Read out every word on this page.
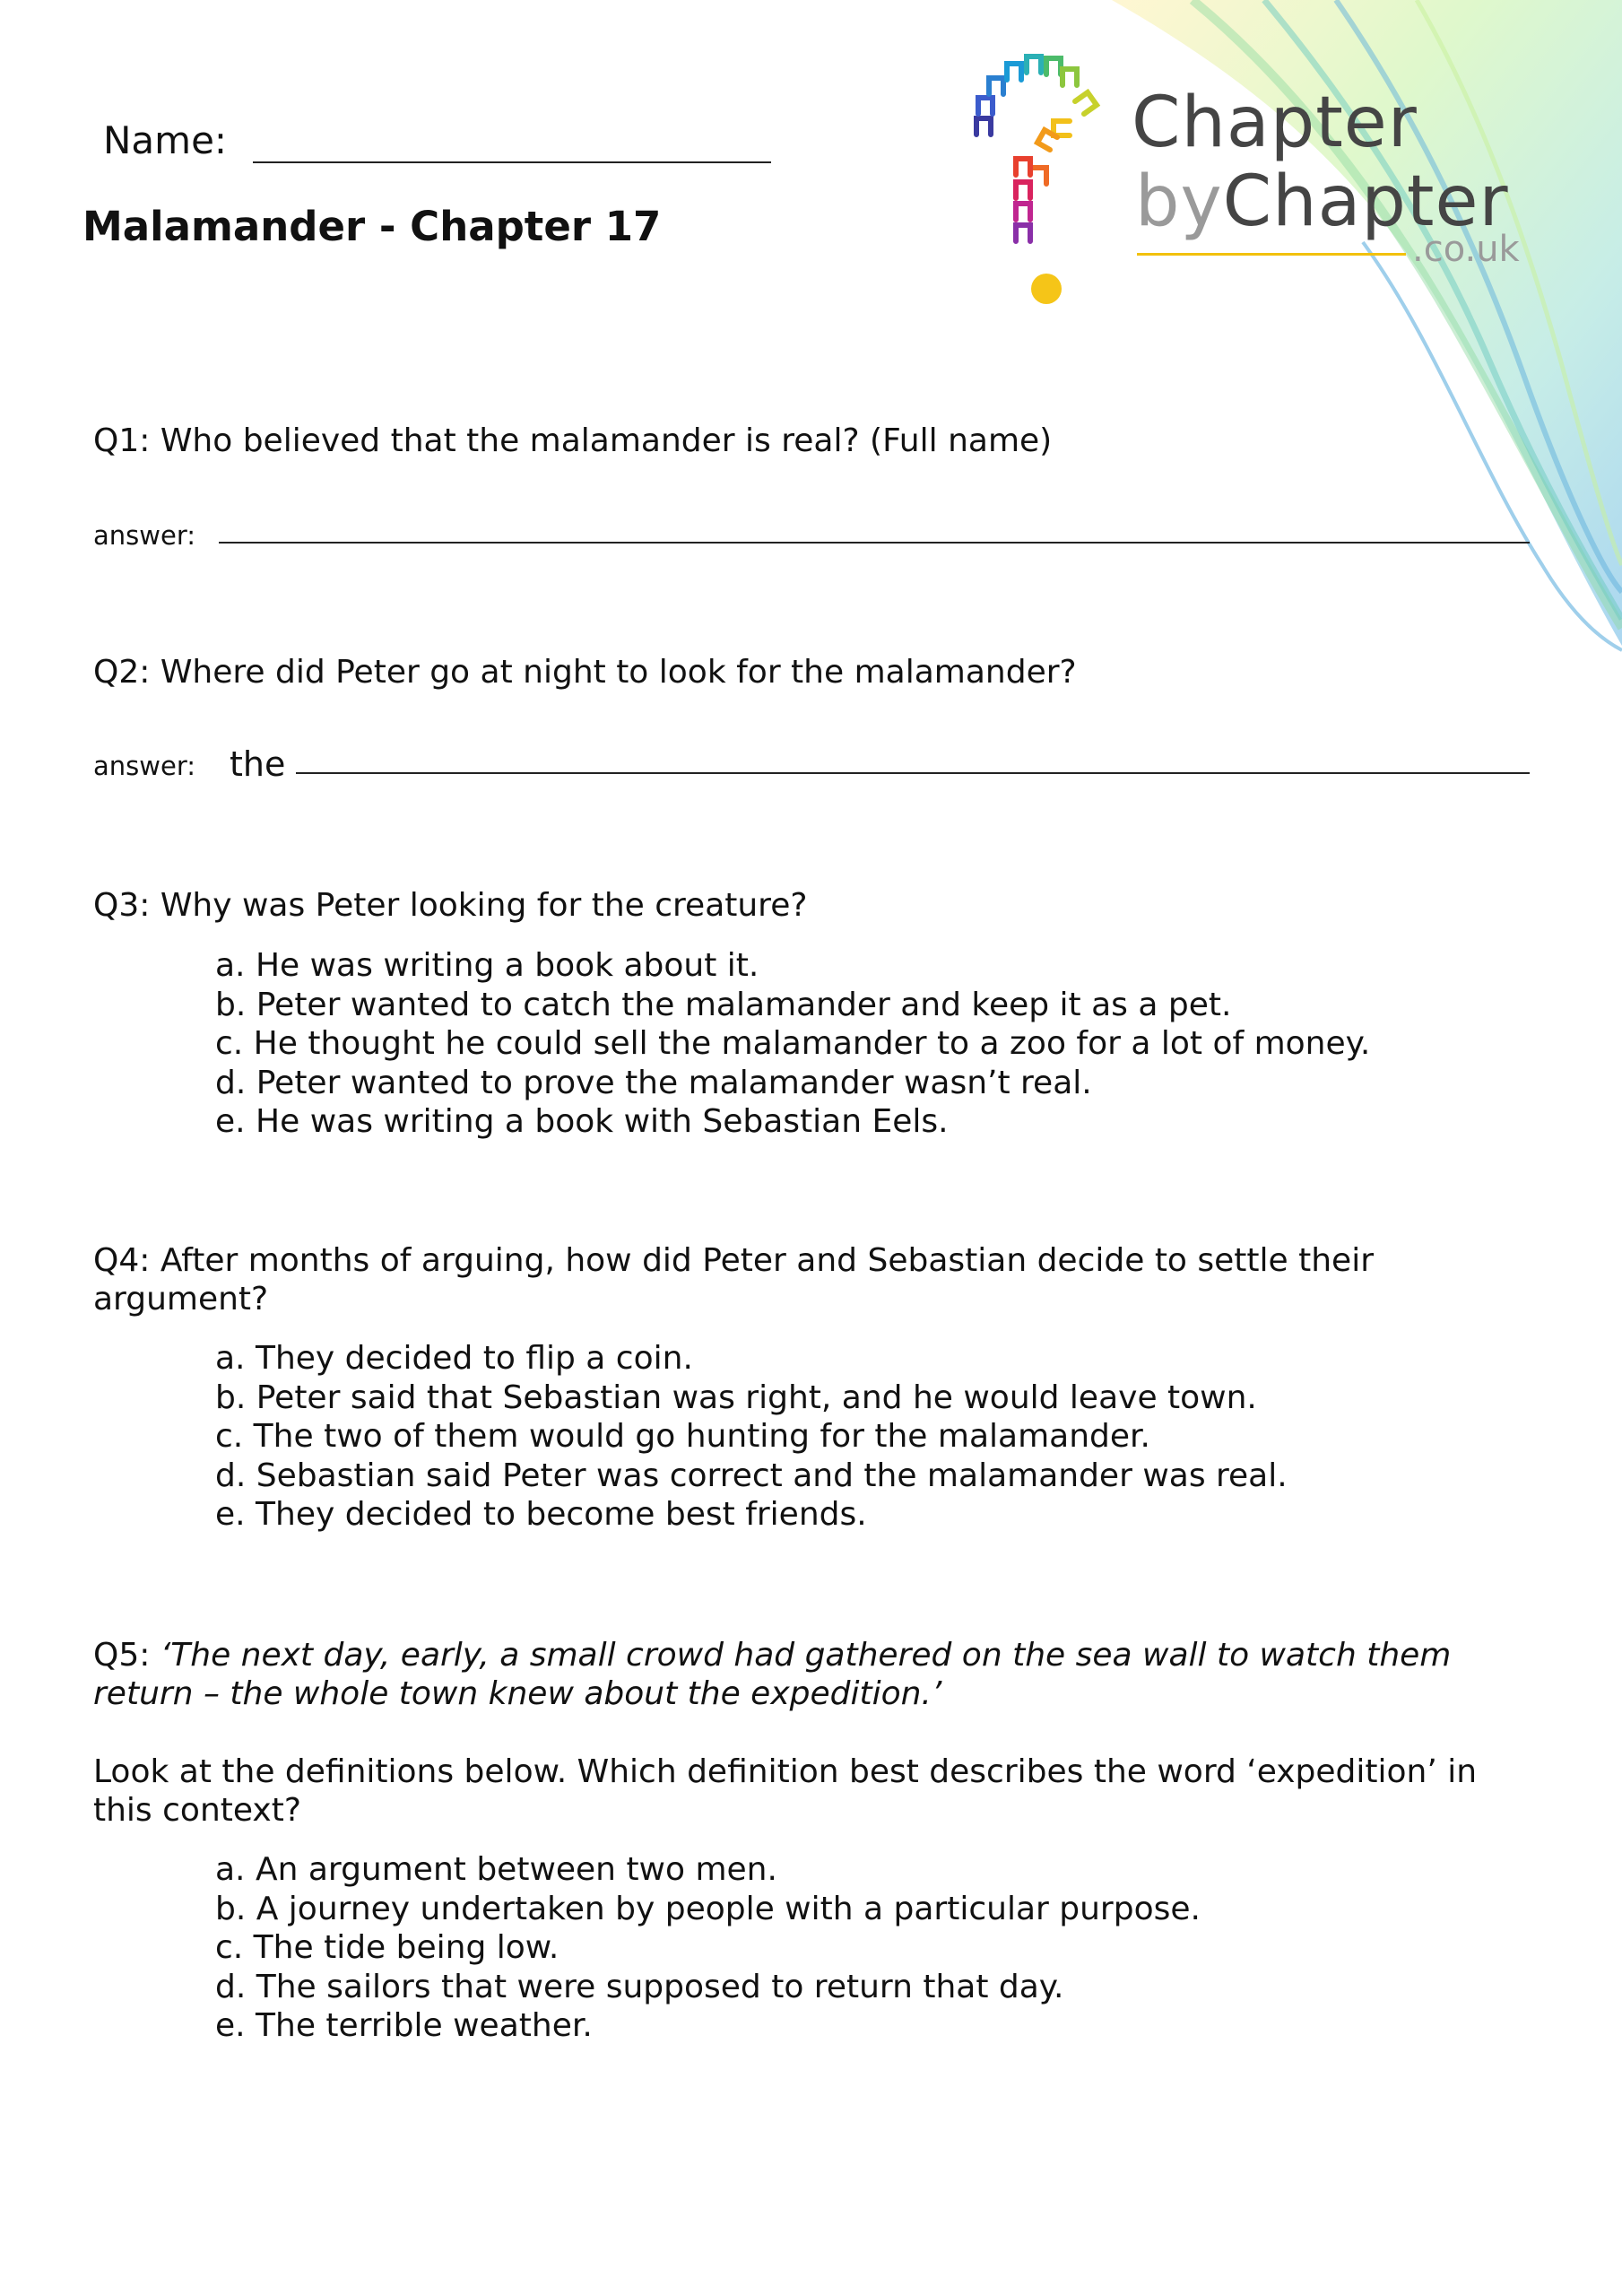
Chapter
byChapter
.co.uk
Name:
Malamander - Chapter 17
Q1: Who believed that the malamander is real? (Full name)
answer:
Q2: Where did Peter go at night to look for the malamander?
answer: the
Q3: Why was Peter looking for the creature?
a. He was writing a book about it.
b. Peter wanted to catch the malamander and keep it as a pet.
c. He thought he could sell the malamander to a zoo for a lot of money.
d. Peter wanted to prove the malamander wasn’t real.
e. He was writing a book with Sebastian Eels.
Q4: After months of arguing, how did Peter and Sebastian decide to settle their argument?
a. They decided to flip a coin.
b. Peter said that Sebastian was right, and he would leave town.
c. The two of them would go hunting for the malamander.
d. Sebastian said Peter was correct and the malamander was real.
e. They decided to become best friends.
Q5: ‘The next day, early, a small crowd had gathered on the sea wall to watch them return – the whole town knew about the expedition.’
Look at the definitions below. Which definition best describes the word ‘expedition’ in this context?
a. An argument between two men.
b. A journey undertaken by people with a particular purpose.
c. The tide being low.
d. The sailors that were supposed to return that day.
e. The terrible weather.
